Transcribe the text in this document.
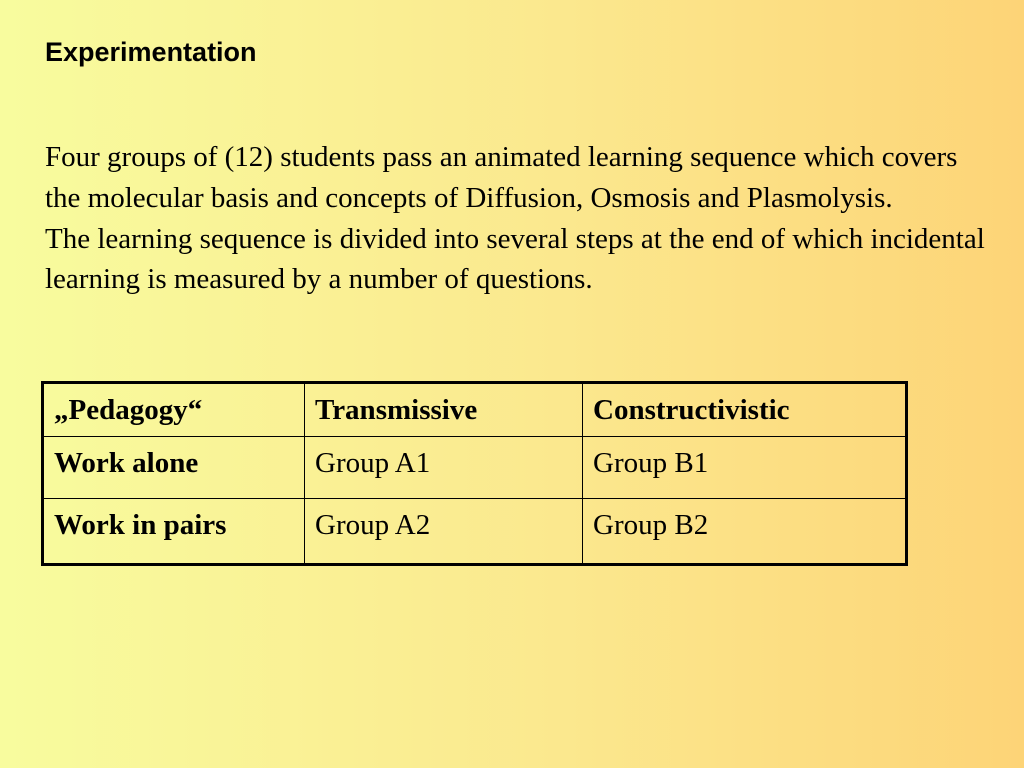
Experimentation

Four groups of (12) students pass an animated learning sequence which covers the molecular basis and concepts of Diffusion, Osmosis and Plasmolysis.

The learning sequence is divided into several steps at the end of which incidental learning is measured by a number of questions.

„Pedagogy“	Transmissive	Constructivistic
Work alone	Group A1	Group B1
Work in pairs	Group A2	Group B2
